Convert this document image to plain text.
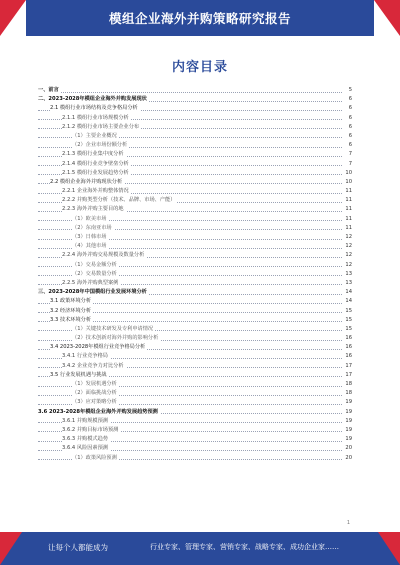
模组企业海外并购策略研究报告
内容目录
一、前言	5
二、2023-2028年模组企业海外并购发展现状	6
2.1 模组行业市场结构及竞争格局分析	6
2.1.1 模组行业市场规模分析	6
2.1.2 模组行业市场主要企业分布	6
（1）主要企业概况	6
（2）企业市场份额分析	6
2.1.3 模组行业集中度分析	7
2.1.4 模组行业竞争壁垒分析	7
2.1.5 模组行业发展趋势分析	10
2.2 模组企业海外并购现状分析	10
2.2.1 企业海外并购整体情况	11
2.2.2 并购类型分析（技术、品牌、市场、产能）	11
2.2.3 海外并购主要目的地	11
（1）欧美市场	11
（2）东南亚市场	11
（3）日韩市场	12
（4）其他市场	12
2.2.4 海外并购交易规模及数量分析	12
（1）交易金额分析	12
（2）交易数量分析	13
2.2.5 海外并购典型案例	13
三、2023-2028年中国模组行业发展环境分析	14
3.1 政策环境分析	14
3.2 经济环境分析	15
3.3 技术环境分析	15
（1）关键技术研发及专利申请情况	15
（2）技术创新对海外并购的影响分析	16
3.4 2023-2028年模组行业竞争格局分析	16
3.4.1 行业竞争格局	16
3.4.2 企业竞争力对比分析	17
3.5 行业发展机遇与挑战	17
（1）发展机遇分析	18
（2）面临挑战分析	18
（3）应对策略分析	19
3.6 2023-2028年模组企业海外并购发展趋势预测	19
3.6.1 并购规模预测	19
3.6.2 并购目标市场预测	19
3.6.3 并购模式趋势	19
3.6.4 风险因素预测	20
（1）政策风险预测	20
1
让每个人都能成为	行业专家、管理专家、营销专家、战略专家、成功企业家……
